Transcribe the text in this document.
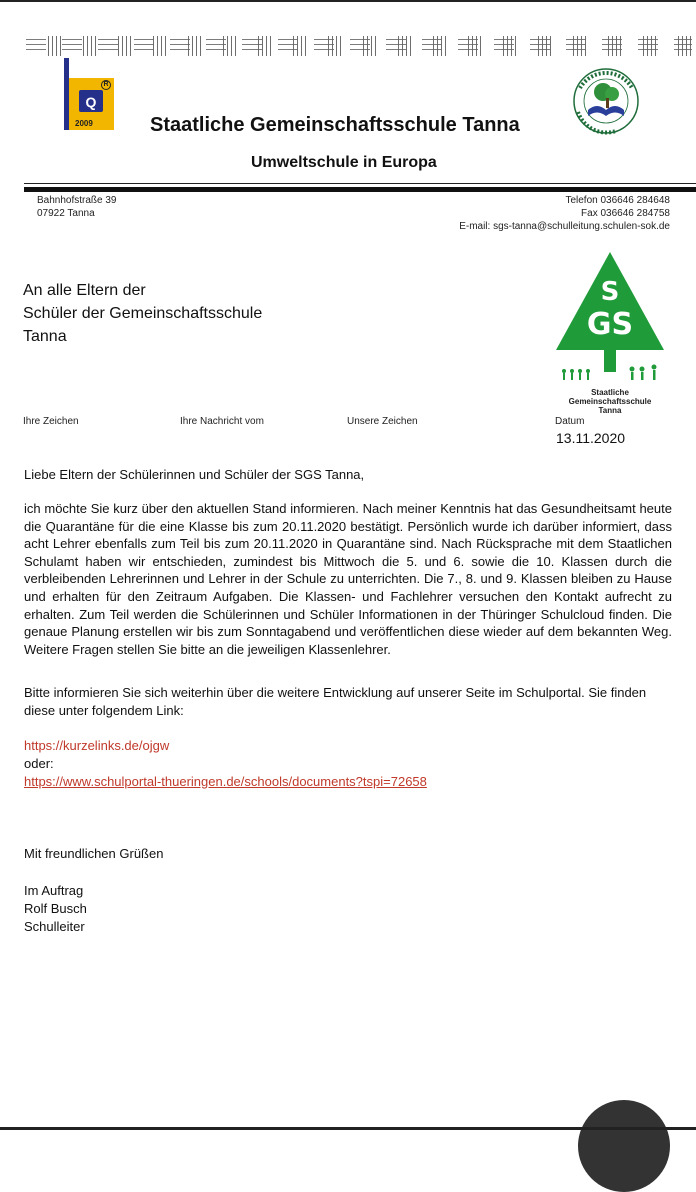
R
Q
2009	Staatliche Gemeinschaftsschule Tanna
Umweltschule in Europa
Bahnhofstraße 39
07922 Tanna
Telefon 036646 284648
Fax 036646 284758
E-mail: sgs-tanna@schulleitung.schulen-sok.de
An alle Eltern der
Schüler der Gemeinschaftsschule
Tanna
S
GS
Staatliche
Gemeinschaftsschule
Tanna
Ihre Zeichen	Ihre Nachricht vom	Unsere Zeichen	Datum
13.11.2020
Liebe Eltern der Schülerinnen und Schüler der SGS Tanna,
ich möchte Sie kurz über den aktuellen Stand informieren. Nach meiner Kenntnis hat das Gesundheitsamt heute die Quarantäne für die eine Klasse bis zum 20.11.2020 bestätigt. Persönlich wurde ich darüber informiert, dass acht Lehrer ebenfalls zum Teil bis zum 20.11.2020 in Quarantäne sind. Nach Rücksprache mit dem Staatlichen Schulamt haben wir entschieden, zumindest bis Mittwoch die 5. und 6. sowie die 10. Klassen durch die verbleibenden Lehrerinnen und Lehrer in der Schule zu unterrichten. Die 7., 8. und 9. Klassen bleiben zu Hause und erhalten für den Zeitraum Aufgaben. Die Klassen- und Fachlehrer versuchen den Kontakt aufrecht zu erhalten. Zum Teil werden die Schülerinnen und Schüler Informationen in der Thüringer Schulcloud finden. Die genaue Planung erstellen wir bis zum Sonntagabend und veröffentlichen diese wieder auf dem bekannten Weg. Weitere Fragen stellen Sie bitte an die jeweiligen Klassenlehrer.
Bitte informieren Sie sich weiterhin über die weitere Entwicklung auf unserer Seite im Schulportal. Sie finden diese unter folgendem Link:
https://kurzelinks.de/ojgw
oder:
https://www.schulportal-thueringen.de/schools/documents?tspi=72658
Mit freundlichen Grüßen
Im Auftrag
Rolf Busch
Schulleiter
